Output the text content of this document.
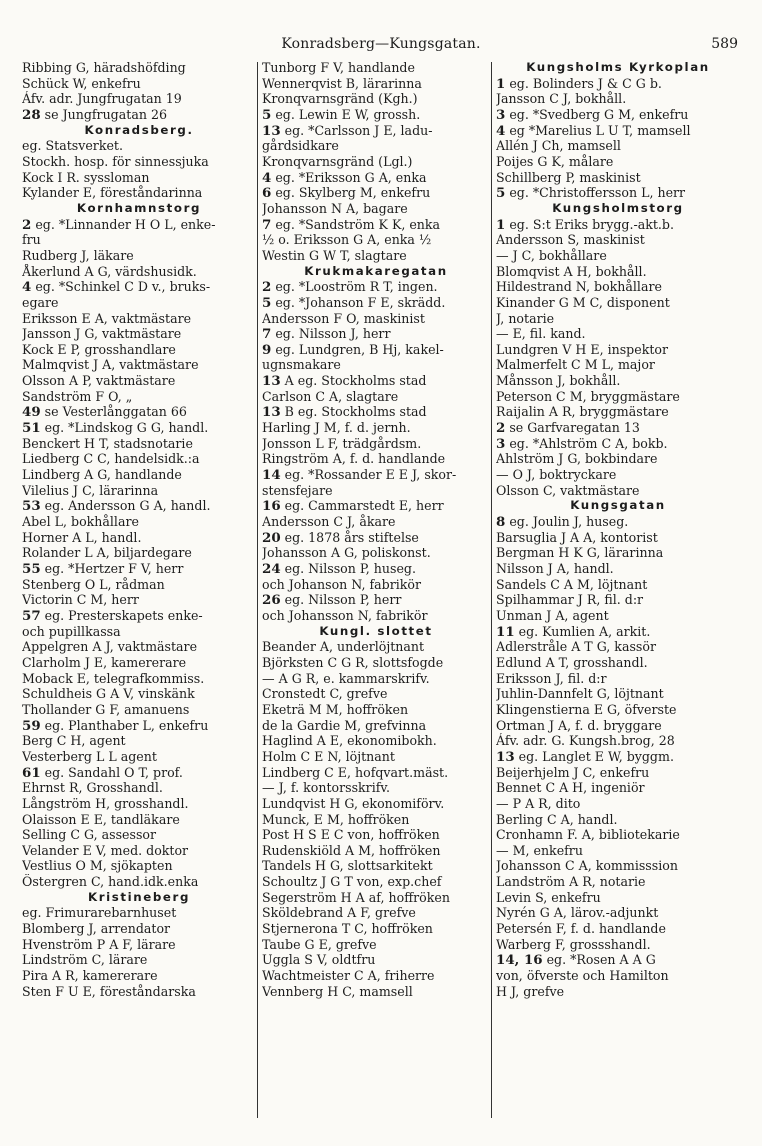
Konradsberg—Kungsgatan.	589
Ribbing G, häradshöfding
Schück W, enkefru
Áfv. adr. Jungfrugatan 19
28 se Jungfrugatan 26
Konradsberg.
eg. Statsverket.
Stockh. hosp. för sinnessjuka
Kock I R. syssloman
Kylander E, föreståndarinna
Kornhamnstorg
2 eg. *Linnander H O L, enke-
fru
Rudberg J, läkare
Åkerlund A G, värdshusidk.
4 eg. *Schinkel C D v., bruks-
egare
Eriksson E A, vaktmästare
Jansson J G, vaktmästare
Kock E P, grosshandlare
Malmqvist J A, vaktmästare
Olsson A P, vaktmästare
Sandström F O, „
49 se Vesterlånggatan 66
51 eg. *Lindskog G G, handl.
Benckert H T, stadsnotarie
Liedberg C C, handelsidk.:a
Lindberg A G, handlande
Vilelius J C, lärarinna
53 eg. Andersson G A, handl.
Abel L, bokhållare
Horner A L, handl.
Rolander L A, biljardegare
55 eg. *Hertzer F V, herr
Stenberg O L, rådman
Victorin C M, herr
57 eg. Presterskapets enke-
och pupillkassa
Appelgren A J, vaktmästare
Clarholm J E, kamererare
Moback E, telegrafkommiss.
Schuldheis G A V, vinskänk
Thollander G F, amanuens
59 eg. Planthaber L, enkefru
Berg C H, agent
Vesterberg L L agent
61 eg. Sandahl O T, prof.
Ehrnst R, Grosshandl.
Långström H, grosshandl.
Olaisson E E, tandläkare
Selling C G, assessor
Velander E V, med. doktor
Vestlius O M, sjökapten
Östergren C, hand.idk.enka
Kristineberg
eg. Frimurarebarnhuset
Blomberg J, arrendator
Hvenström P A F, lärare
Lindström C, lärare
Pira A R, kamererare
Sten F U E, föreståndarska
Tunborg F V, handlande
Wennerqvist B, lärarinna
Kronqvarnsgränd (Kgh.)
5 eg. Lewin E W, grossh.
13 eg. *Carlsson J E, ladu-
gårdsidkare
Kronqvarnsgränd (Lgl.)
4 eg. *Eriksson G A, enka
6 eg. Skylberg M, enkefru
Johansson N A, bagare
7 eg. *Sandström K K, enka
½ o. Eriksson G A, enka ½
Westin G W T, slagtare
Krukmakaregatan
2 eg. *Looström R T, ingen.
5 eg. *Johanson F E, skrädd.
Andersson F O, maskinist
7 eg. Nilsson J, herr
9 eg. Lundgren, B Hj, kakel-
ugnsmakare
13 A eg. Stockholms stad
Carlson C A, slagtare
13 B eg. Stockholms stad
Harling J M, f. d. jernh.
Jonsson L F, trädgårdsm.
Ringström A, f. d. handlande
14 eg. *Rossander E E J, skor-
stensfejare
16 eg. Cammarstedt E, herr
Andersson C J, åkare
20 eg. 1878 års stiftelse
Johansson A G, poliskonst.
24 eg. Nilsson P, huseg.
och Johanson N, fabrikör
26 eg. Nilsson P, herr
och Johansson N, fabrikör
Kungl. slottet
Beander A, underlöjtnant
Björksten C G R, slottsfogde
— A G R, e. kammarskrifv.
Cronstedt C, grefve
Eketrä M M, hoffröken
de la Gardie M, grefvinna
Haglind A E, ekonomibokh.
Holm C E N, löjtnant
Lindberg C E, hofqvart.mäst.
— J, f. kontorsskrifv.
Lundqvist H G, ekonomiförv.
Munck, E M, hoffröken
Post H S E C von, hoffröken
Rudenskiöld A M, hoffröken
Tandels H G, slottsarkitekt
Schoultz J G T von, exp.chef
Segerström H A af, hoffröken
Sköldebrand A F, grefve
Stjernerona T C, hoffröken
Taube G E, grefve
Uggla S V, oldtfru
Wachtmeister C A, friherre
Vennberg H C, mamsell
Kungsholms Kyrkoplan
1 eg. Bolinders J & C G b.
Jansson C J, bokhåll.
3 eg. *Svedberg G M, enkefru
4 eg *Marelius L U T, mamsell
Allén J Ch, mamsell
Poijes G K, målare
Schillberg P, maskinist
5 eg. *Christoffersson L, herr
Kungsholmstorg
1 eg. S:t Eriks brygg.-akt.b.
Andersson S, maskinist
— J C, bokhållare
Blomqvist A H, bokhåll.
Hildestrand N, bokhållare
Kinander G M C, disponent
J, notarie
— E, fil. kand.
Lundgren V H E, inspektor
Malmerfelt C M L, major
Månsson J, bokhåll.
Peterson C M, bryggmästare
Raijalin A R, bryggmästare
2 se Garfvaregatan 13
3 eg. *Ahlström C A, bokb.
Ahlström J G, bokbindare
— O J, boktryckare
Olsson C, vaktmästare
Kungsgatan
8 eg. Joulin J, huseg.
Barsuglia J A A, kontorist
Bergman H K G, lärarinna
Nilsson J A, handl.
Sandels C A M, löjtnant
Spilhammar J R, fil. d:r
Unman J A, agent
11 eg. Kumlien A, arkit.
Adlerstråle A T G, kassör
Edlund A T, grosshandl.
Eriksson J, fil. d:r
Juhlin-Dannfelt G, löjtnant
Klingenstierna E G, öfverste
Ortman J A, f. d. bryggare
Áfv. adr. G. Kungsh.brog, 28
13 eg. Langlet E W, byggm.
Beijerhjelm J C, enkefru
Bennet C A H, ingeniör
— P A R, dito
Berling C A, handl.
Cronhamn F. A, bibliotekarie
— M, enkefru
Johansson C A, kommisssion
Landström A R, notarie
Levin S, enkefru
Nyrén G A, lärov.-adjunkt
Petersén F, f. d. handlande
Warberg F, grossshandl.
14, 16 eg. *Rosen A A G
von, öfverste och Hamilton
H J, grefve
